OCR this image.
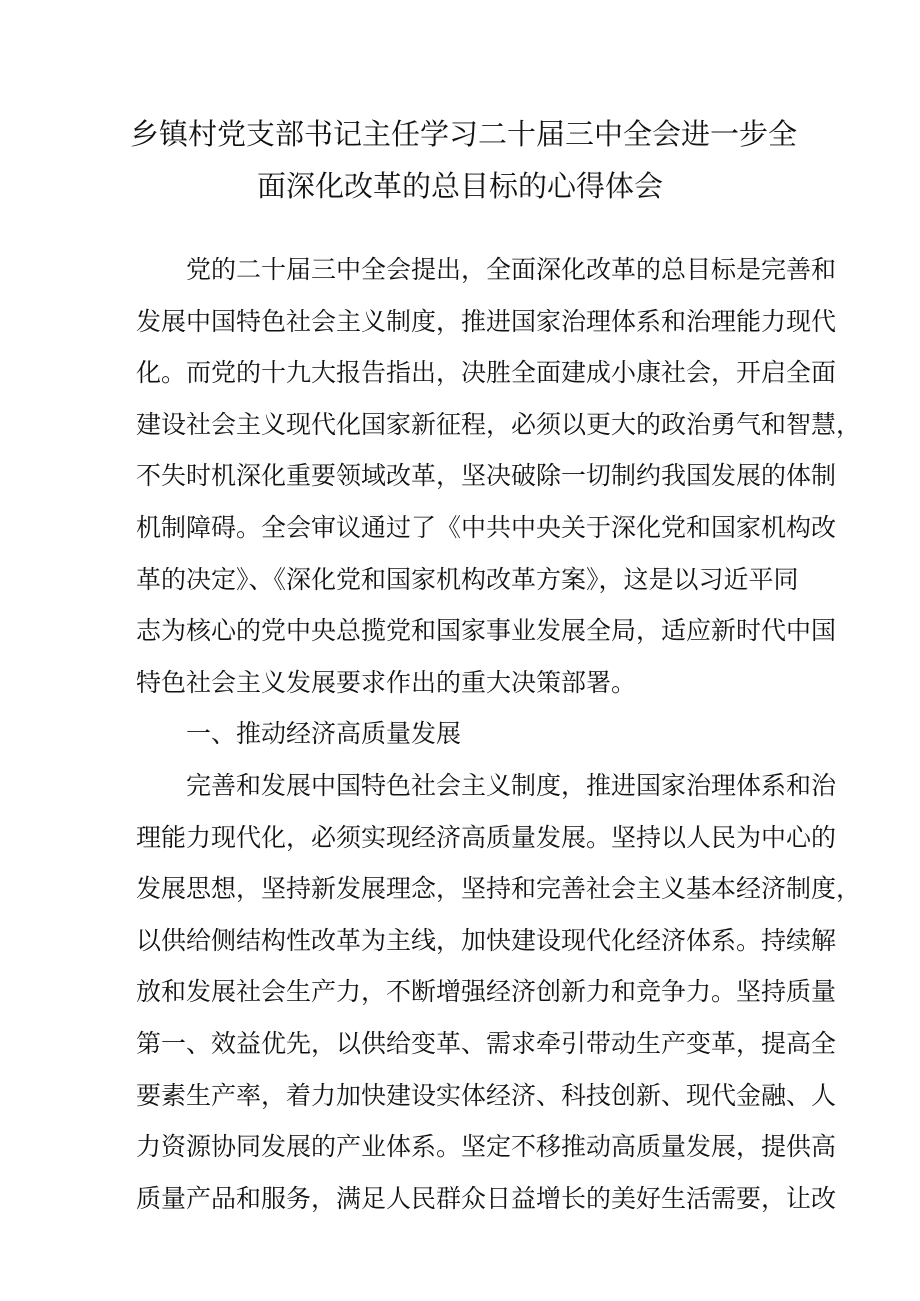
乡镇村党支部书记主任学习二十届三中全会进一步全
面深化改革的总目标的心得体会
党的二十届三中全会提出，全面深化改革的总目标是完善和
发展中国特色社会主义制度，推进国家治理体系和治理能力现代
化。而党的十九大报告指出，决胜全面建成小康社会，开启全面
建设社会主义现代化国家新征程，必须以更大的政治勇气和智慧，
不失时机深化重要领域改革，坚决破除一切制约我国发展的体制
机制障碍。全会审议通过了《中共中央关于深化党和国家机构改
革的决定》、《深化党和国家机构改革方案》，这是以习近平同
志为核心的党中央总揽党和国家事业发展全局，适应新时代中国
特色社会主义发展要求作出的重大决策部署。
一、推动经济高质量发展
完善和发展中国特色社会主义制度，推进国家治理体系和治
理能力现代化，必须实现经济高质量发展。坚持以人民为中心的
发展思想，坚持新发展理念，坚持和完善社会主义基本经济制度，
以供给侧结构性改革为主线，加快建设现代化经济体系。持续解
放和发展社会生产力，不断增强经济创新力和竞争力。坚持质量
第一、效益优先，以供给变革、需求牵引带动生产变革，提高全
要素生产率，着力加快建设实体经济、科技创新、现代金融、人
力资源协同发展的产业体系。坚定不移推动高质量发展，提供高
质量产品和服务，满足人民群众日益增长的美好生活需要，让改
